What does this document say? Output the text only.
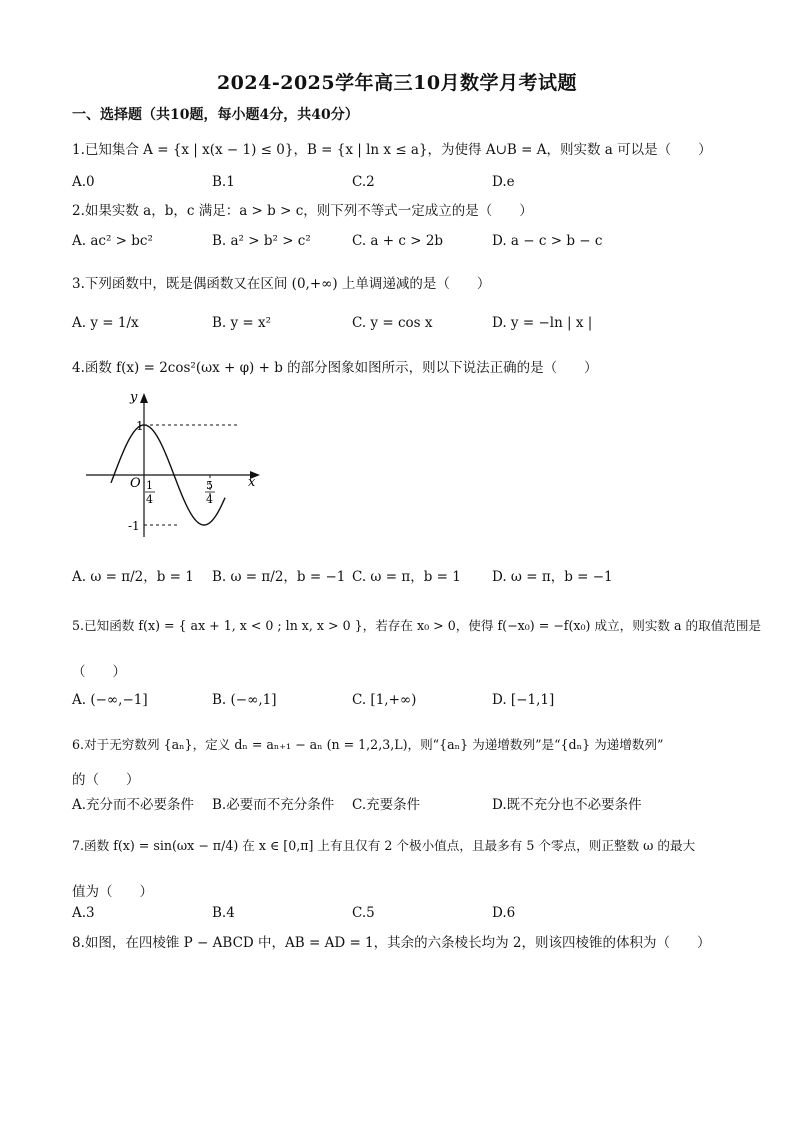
2024-2025学年高三10月数学月考试题
一、选择题（共10题，每小题4分，共40分）
1.已知集合 A = {x | x(x − 1) ≤ 0}，B = {x | ln x ≤ a}，为使得 A∪B = A，则实数 a 可以是（　　）
A.0	B.1	C.2	D.e
2.如果实数 a，b，c 满足：a > b > c，则下列不等式一定成立的是（　　）
A. ac² > bc²	B. a² > b² > c²	C. a + c > 2b	D. a − c > b − c
3.下列函数中，既是偶函数又在区间 (0,+∞) 上单调递减的是（　　）
A. y = 1/x	B. y = x²	C. y = cos x	D. y = −ln | x |
4.函数 f(x) = 2cos²(ωx + φ) + b 的部分图象如图所示，则以下说法正确的是（　　）
y
x
O
1
-1
1
4
5
4
A. ω = π/2，b = 1 B. ω = π/2，b = −1 C. ω = π，b = 1 D. ω = π，b = −1
5.已知函数 f(x) = { ax + 1, x < 0 ; ln x, x > 0 }，若存在 x₀ > 0，使得 f(−x₀) = −f(x₀) 成立，则实数 a 的取值范围是
（　　）
A. (−∞,−1]	B. (−∞,1]	C. [1,+∞)	D. [−1,1]
6.对于无穷数列 {aₙ}，定义 dₙ = aₙ₊₁ − aₙ (n = 1,2,3,L)，则“{aₙ} 为递增数列”是“{dₙ} 为递增数列”
的（　　）
A.充分而不必要条件 B.必要而不充分条件 C.充要条件	D.既不充分也不必要条件
7.函数 f(x) = sin(ωx − π/4) 在 x ∈ [0,π] 上有且仅有 2 个极小值点，且最多有 5 个零点，则正整数 ω 的最大
值为（　　）
A.3	B.4	C.5	D.6
8.如图，在四棱锥 P − ABCD 中，AB = AD = 1，其余的六条棱长均为 2，则该四棱锥的体积为（　　）
